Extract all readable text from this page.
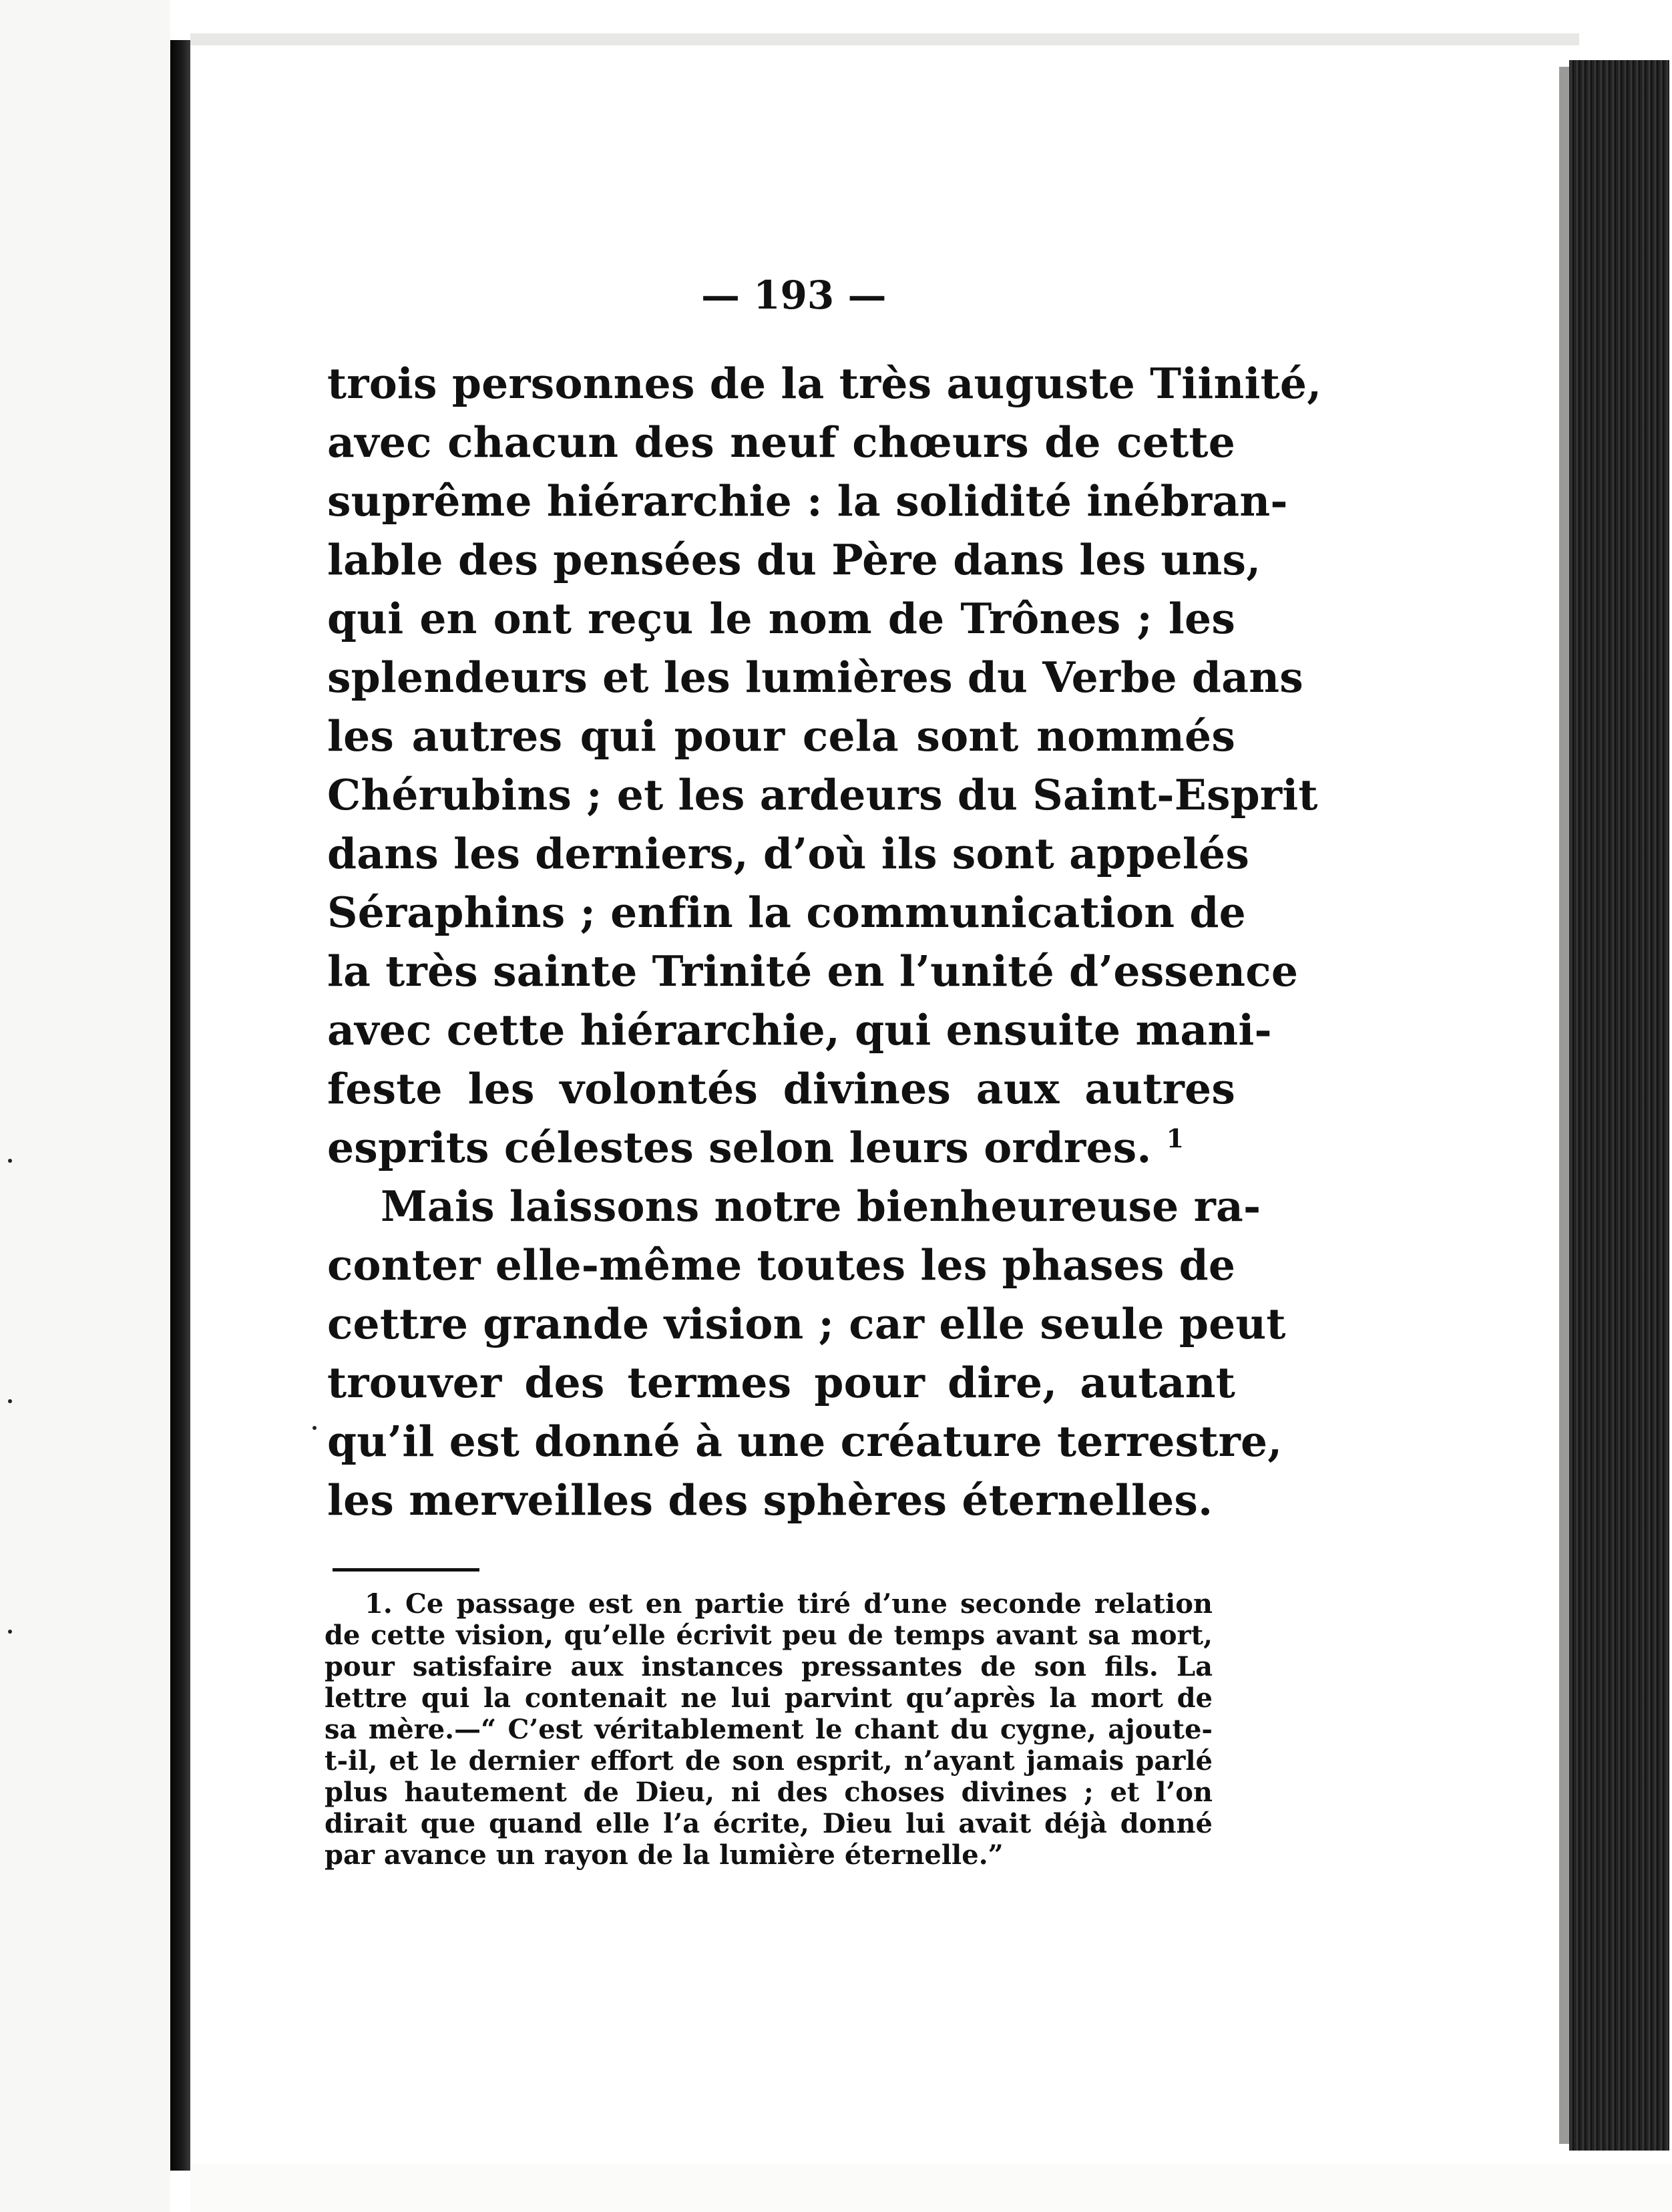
— 193 —
trois personnes de la très auguste Tiinité,
avec chacun des neuf chœurs de cette
suprême hiérarchie : la solidité inébran-
lable des pensées du Père dans les uns,
qui en ont reçu le nom de Trônes ; les
splendeurs et les lumières du Verbe dans
les autres qui pour cela sont nommés
Chérubins ; et les ardeurs du Saint-Esprit
dans les derniers, d’où ils sont appelés
Séraphins ; enfin la communication de
la très sainte Trinité en l’unité d’essence
avec cette hiérarchie, qui ensuite mani-
feste les volontés divines aux autres
esprits célestes selon leurs ordres. $^1$
Mais laissons notre bienheureuse ra-
conter elle-même toutes les phases de
cettre grande vision ; car elle seule peut
trouver des termes pour dire, autant
qu’il est donné à une créature terrestre,
les merveilles des sphères éternelles.
1. Ce passage est en partie tiré d’une seconde relation
de cette vision, qu’elle écrivit peu de temps avant sa mort,
pour satisfaire aux instances pressantes de son fils. La
lettre qui la contenait ne lui parvint qu’après la mort de
sa mère.—“ C’est véritablement le chant du cygne, ajoute-
t-il, et le dernier effort de son esprit, n’ayant jamais parlé
plus hautement de Dieu, ni des choses divines ; et l’on
dirait que quand elle l’a écrite, Dieu lui avait déjà donné
par avance un rayon de la lumière éternelle.”
